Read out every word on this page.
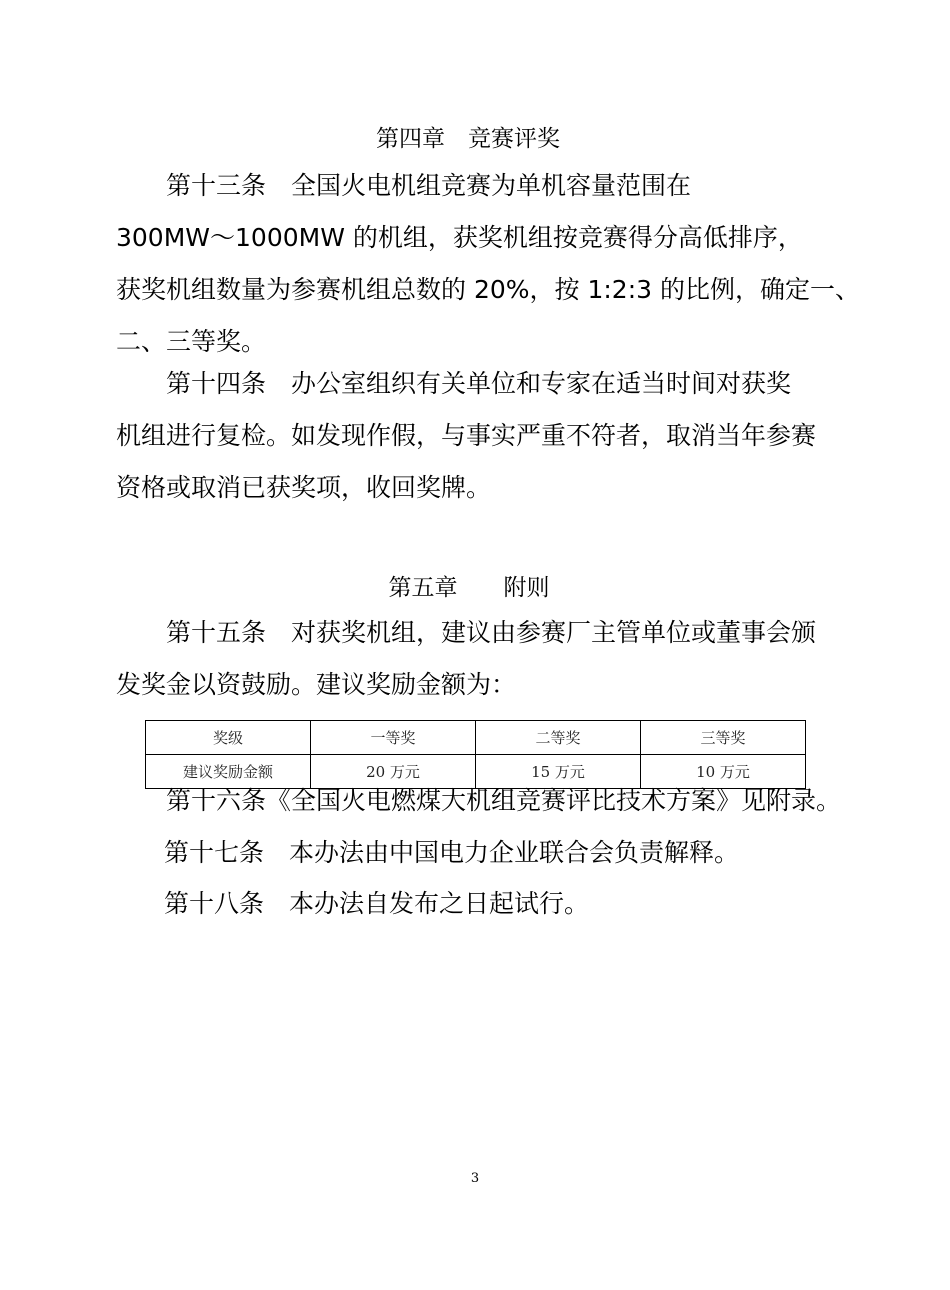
第四章　竞赛评奖
第十三条　全国火电机组竞赛为单机容量范围在
300MW～1000MW 的机组，获奖机组按竞赛得分高低排序，
获奖机组数量为参赛机组总数的 20%，按 1:2:3 的比例，确定一、
二、三等奖。
第十四条　办公室组织有关单位和专家在适当时间对获奖
机组进行复检。如发现作假，与事实严重不符者，取消当年参赛
资格或取消已获奖项，收回奖牌。
第五章　　附则
第十五条　对获奖机组，建议由参赛厂主管单位或董事会颁
发奖金以资鼓励。建议奖励金额为：
奖级	一等奖	二等奖	三等奖
建议奖励金额	20 万元	15 万元	10 万元
第十六条《全国火电燃煤大机组竞赛评比技术方案》见附录。
第十七条　本办法由中国电力企业联合会负责解释。
第十八条　本办法自发布之日起试行。
3
